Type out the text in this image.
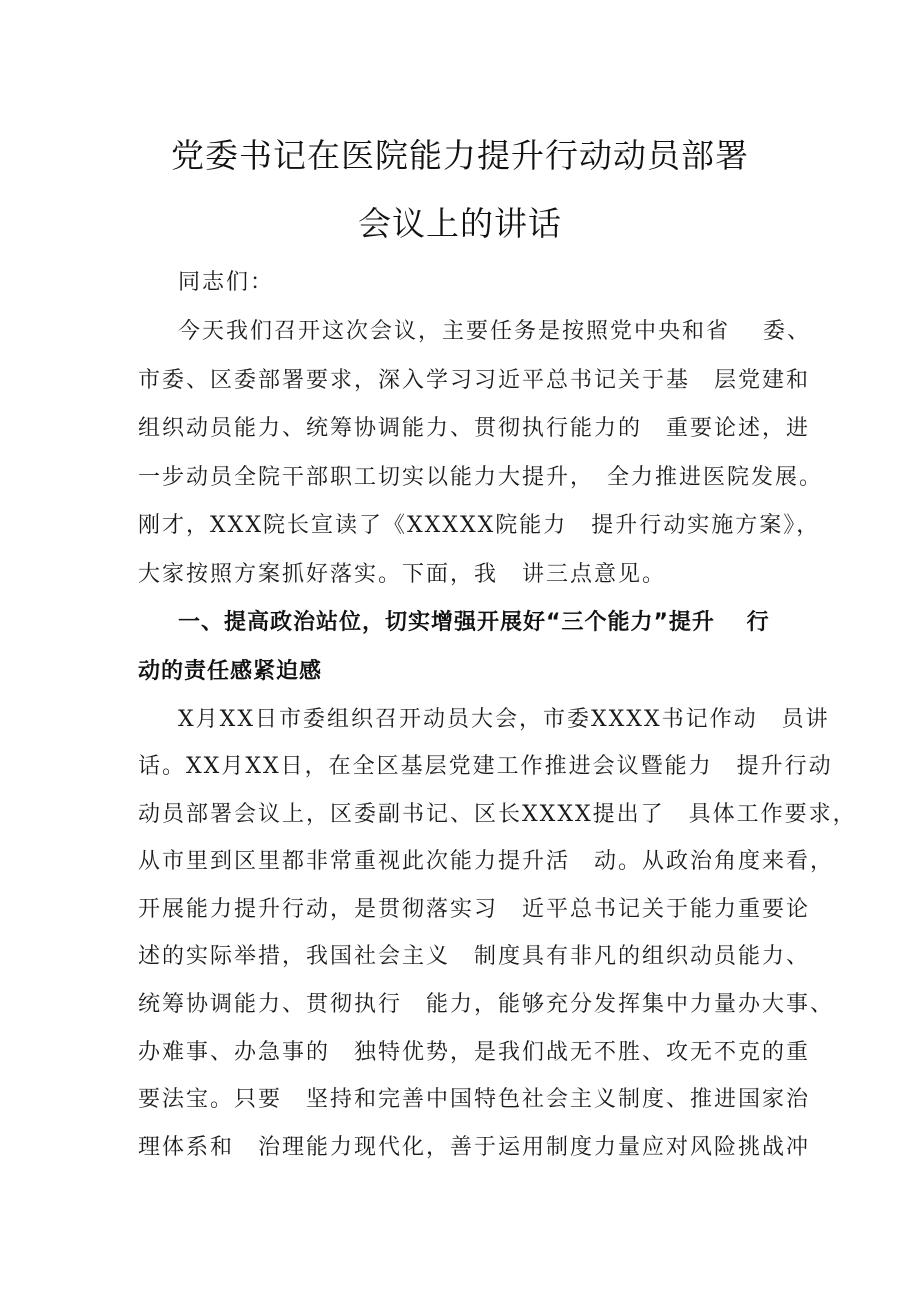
党委书记在医院能力提升行动动员部署
会议上的讲话
同志们：
今天我们召开这次会议，主要任务是按照党中央和省　 委、
市委、区委部署要求，深入学习习近平总书记关于基　层党建和
组织动员能力、统筹协调能力、贯彻执行能力的　重要论述，进
一步动员全院干部职工切实以能力大提升，　全力推进医院发展。
刚才，XXX院长宣读了《XXXXX院能力　提升行动实施方案》，
大家按照方案抓好落实。下面，我　讲三点意见。
一、提高政治站位，切实增强开展好“三个能力”提升　 行
动的责任感紧迫感
X月XX日市委组织召开动员大会，市委XXXX书记作动　员讲
话。XX月XX日，在全区基层党建工作推进会议暨能力　提升行动
动员部署会议上，区委副书记、区长XXXX提出了　具体工作要求，
从市里到区里都非常重视此次能力提升活　动。从政治角度来看，
开展能力提升行动，是贯彻落实习　近平总书记关于能力重要论
述的实际举措，我国社会主义　制度具有非凡的组织动员能力、
统筹协调能力、贯彻执行　能力，能够充分发挥集中力量办大事、
办难事、办急事的　独特优势，是我们战无不胜、攻无不克的重
要法宝。只要　坚持和完善中国特色社会主义制度、推进国家治
理体系和　治理能力现代化，善于运用制度力量应对风险挑战冲
